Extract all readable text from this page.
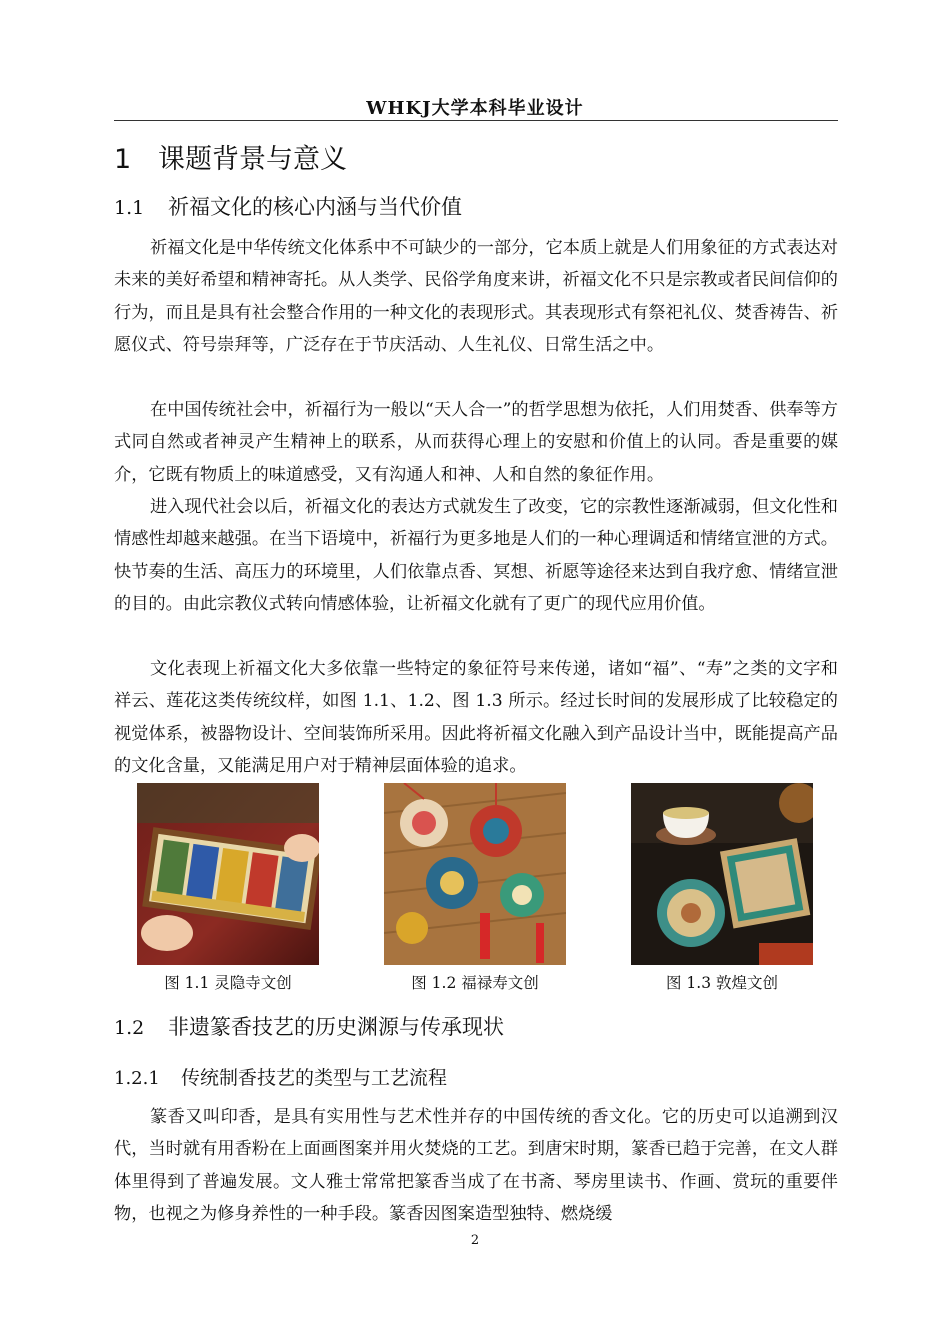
WHKJ大学本科毕业设计
1 课题背景与意义
1.1 祈福文化的核心内涵与当代价值

祈福文化是中华传统文化体系中不可缺少的一部分，它本质上就是人们用象征的方式表达对未来的美好希望和精神寄托。从人类学、民俗学角度来讲，祈福文化不只是宗教或者民间信仰的行为，而且是具有社会整合作用的一种文化的表现形式。其表现形式有祭祀礼仪、焚香祷告、祈愿仪式、符号崇拜等，广泛存在于节庆活动、人生礼仪、日常生活之中。

在中国传统社会中，祈福行为一般以“天人合一”的哲学思想为依托，人们用焚香、供奉等方式同自然或者神灵产生精神上的联系，从而获得心理上的安慰和价值上的认同。香是重要的媒介，它既有物质上的味道感受，又有沟通人和神、人和自然的象征作用。

进入现代社会以后，祈福文化的表达方式就发生了改变，它的宗教性逐渐减弱，但文化性和情感性却越来越强。在当下语境中，祈福行为更多地是人们的一种心理调适和情绪宣泄的方式。快节奏的生活、高压力的环境里，人们依靠点香、冥想、祈愿等途径来达到自我疗愈、情绪宣泄的目的。由此宗教仪式转向情感体验，让祈福文化就有了更广的现代应用价值。

文化表现上祈福文化大多依靠一些特定的象征符号来传递，诸如“福”、“寿”之类的文字和祥云、莲花这类传统纹样，如图 1.1、1.2、图 1.3 所示。经过长时间的发展形成了比较稳定的视觉体系，被器物设计、空间装饰所采用。因此将祈福文化融入到产品设计当中，既能提高产品的文化含量，又能满足用户对于精神层面体验的追求。

图 1.1 灵隐寺文创	图 1.2 福禄寿文创	图 1.3 敦煌文创
1.2 非遗篆香技艺的历史渊源与传承现状
1.2.1 传统制香技艺的类型与工艺流程

篆香又叫印香，是具有实用性与艺术性并存的中国传统的香文化。它的历史可以追溯到汉代，当时就有用香粉在上面画图案并用火焚烧的工艺。到唐宋时期，篆香已趋于完善，在文人群体里得到了普遍发展。文人雅士常常把篆香当成了在书斋、琴房里读书、作画、赏玩的重要伴物，也视之为修身养性的一种手段。篆香因图案造型独特、燃烧缓

2
